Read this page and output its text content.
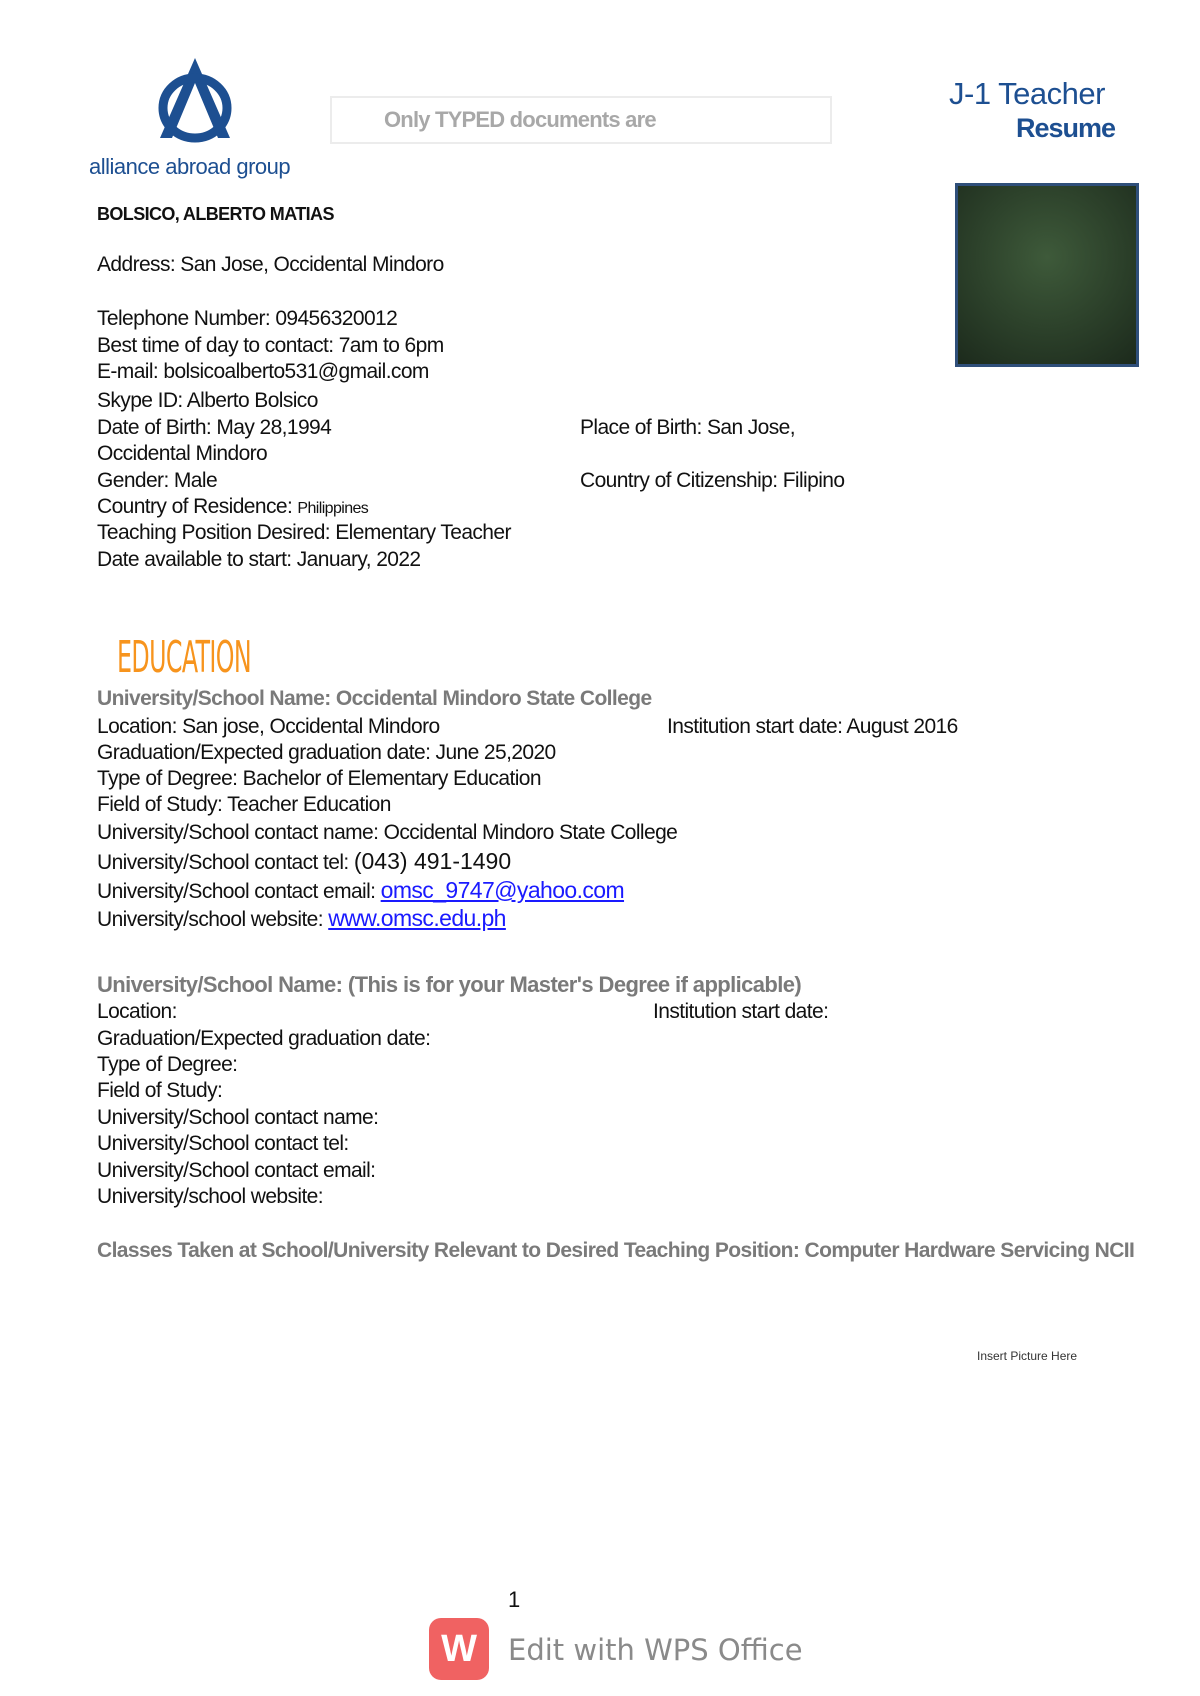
alliance abroad group
Only TYPED documents are
J-1 Teacher
Resume
BOLSICO, ALBERTO MATIAS
Address: San Jose, Occidental Mindoro
Telephone Number: 09456320012
Best time of day to contact: 7am to 6pm
E-mail: bolsicoalberto531@gmail.com
Skype ID: Alberto Bolsico
Date of Birth: May 28,1994	Place of Birth: San Jose,
Occidental Mindoro
Gender: Male	Country of Citizenship: Filipino
Country of Residence: Philippines
Teaching Position Desired: Elementary Teacher
Date available to start: January, 2022
EDUCATION
University/School Name: Occidental Mindoro State College
Location: San jose, Occidental Mindoro	Institution start date: August 2016
Graduation/Expected graduation date: June 25,2020
Type of Degree: Bachelor of Elementary Education
Field of Study: Teacher Education
University/School contact name: Occidental Mindoro State College
University/School contact tel: (043) 491-1490
University/School contact email: omsc_9747@yahoo.com
University/school website: www.omsc.edu.ph
University/School Name: (This is for your Master's Degree if applicable)
Location:	Institution start date:
Graduation/Expected graduation date:
Type of Degree:
Field of Study:
University/School contact name:
University/School contact tel:
University/School contact email:
University/school website:
Classes Taken at School/University Relevant to Desired Teaching Position: Computer Hardware Servicing NCII
Insert Picture Here
1
W	Edit with WPS Office
